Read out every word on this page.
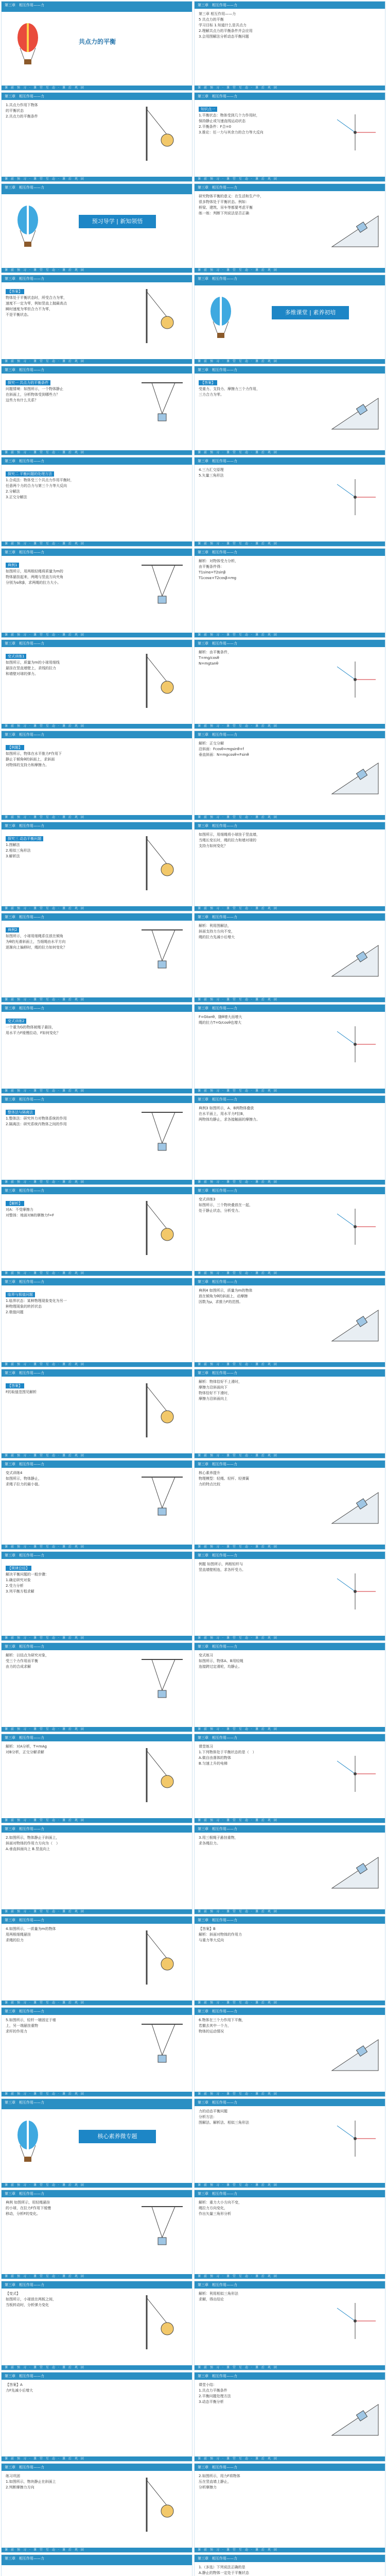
第三章　相互作用——力
共点力的平衡
课　前　预　习　·　课　堂　互　动　·　课　后　巩　固
第三章　相互作用——力

第三章 相互作用——力

5 共点力的平衡

学习目标 1.知道什么是共点力

2.理解共点力的平衡条件并会应用

3.会用图解法分析动态平衡问题

课　前　预　习　·　课　堂　互　动　·　课　后　巩　固
第三章　相互作用——力

1.共点力作用下物体

的平衡状态

2.共点力的平衡条件

课　前　预　习　·　课　堂　互　动　·　课　后　巩　固
第三章　相互作用——力
知识点一

1.平衡状态：物体受到几个力作用时，

保持静止或匀速直线运动状态

2.平衡条件：F合=0

3.推论：任一力与其余力的合力等大反向

课　前　预　习　·　课　堂　互　动　·　课　后　巩　固
第三章　相互作用——力
预习导学 | 新知领悟
课　前　预　习　·　课　堂　互　动　·　课　后　巩　固
第三章　相互作用——力

研究物体平衡的意义：在生活和生产中，

很多物体处于平衡状态。例如：

桥梁、建筑、吊车等都要考虑平衡

练一练：判断下列说法是否正确

课　前　预　习　·　课　堂　互　动　·　课　后　巩　固
第三章　相互作用——力
【答案】

物体处于平衡状态时，所受合力为零，

速度不一定为零，例如竖直上抛最高点

瞬时速度为零但合力不为零，

不是平衡状态。

课　前　预　习　·　课　堂　互　动　·　课　后　巩　固
第三章　相互作用——力
多维课堂 | 素养初培
课　前　预　习　·　课　堂　互　动　·　课　后　巩　固
第三章　相互作用——力
探究一 共点力的平衡条件

问题情境：如图所示，一个物体静止

在斜面上，分析物体受到哪些力？

这些力有什么关系？

课　前　预　习　·　课　堂　互　动　·　课　后　巩　固
第三章　相互作用——力
【答案】

受重力、支持力、摩擦力三个力作用，

三力合力为零。

课　前　预　习　·　课　堂　互　动　·　课　后　巩　固
第三章　相互作用——力
探究二 平衡问题的处理方法

1.合成法：物体受三个共点力作用平衡时，

任意两个力的合力与第三个力等大反向

2.分解法

3.正交分解法

课　前　预　习　·　课　堂　互　动　·　课　后　巩　固
第三章　相互作用——力

4.三力汇交原理

5.矢量三角形法

课　前　预　习　·　课　堂　互　动　·　课　后　巩　固
第三章　相互作用——力
典例1

如图所示，用两根轻绳将质量为m的

物体悬挂起来，两绳与竖直方向夹角

分别为α和β，求两绳的拉力大小。

课　前　预　习　·　课　堂　互　动　·　课　后　巩　固
第三章　相互作用——力

解析：对物体受力分析，

由平衡条件得：

T1sinα=T2sinβ

T1cosα+T2cosβ=mg

课　前　预　习　·　课　堂　互　动　·　课　后　巩　固
第三章　相互作用——力
变式训练1

如图所示，质量为m的小球用细线

悬挂在竖直墙壁上，求线的拉力

和墙壁对球的弹力。

课　前　预　习　·　课　堂　互　动　·　课　后　巩　固
第三章　相互作用——力

解析：由平衡条件，

T=mg/cosθ

N=mgtanθ

课　前　预　习　·　课　堂　互　动　·　课　后　巩　固
第三章　相互作用——力
【例题】

如图所示，物体在水平推力F作用下

静止于倾角θ的斜面上，求斜面

对物体的支持力和摩擦力。

课　前　预　习　·　课　堂　互　动　·　课　后　巩　固
第三章　相互作用——力

解析：正交分解

沿斜面：Fcosθ=mgsinθ+f

垂直斜面：N=mgcosθ+Fsinθ

课　前　预　习　·　课　堂　互　动　·　课　后　巩　固
第三章　相互作用——力
探究三 动态平衡问题

1.图解法

2.相似三角形法

3.解析法

课　前　预　习　·　课　堂　互　动　·　课　后　巩　固
第三章　相互作用——力

如图所示，用细绳将小球挂于竖直墙，

当绳长变长时，绳的拉力和墙对球的

支持力如何变化？

课　前　预　习　·　课　堂　互　动　·　课　后　巩　固
第三章　相互作用——力
典例2

如图所示，小球用细绳系住放在倾角

为θ的光滑斜面上，当细绳由水平方向

逐渐向上偏移时，绳的拉力如何变化？

课　前　预　习　·　课　堂　互　动　·　课　后　巩　固
第三章　相互作用——力

解析：利用图解法，

斜面支持力方向不变，

绳的拉力先减小后增大

课　前　预　习　·　课　堂　互　动　·　课　后　巩　固
第三章　相互作用——力
变式训练2

一个重为G的物体被绳子悬挂，

用水平力F缓慢拉动，F如何变化？

课　前　预　习　·　课　堂　互　动　·　课　后　巩　固
第三章　相互作用——力

F=Gtanθ，随θ增大而增大

绳的拉力T=G/cosθ也增大

课　前　预　习　·　课　堂　互　动　·　课　后　巩　固
第三章　相互作用——力
整体法与隔离法

1.整体法：研究外力对物体系统的作用

2.隔离法：研究系统内物体之间的作用

课　前　预　习　·　课　堂　互　动　·　课　后　巩　固
第三章　相互作用——力

典例3 如图所示，A、B两物体叠放

在水平面上，用水平力F拉B，

两物体均静止，求各接触面的摩擦力。

课　前　预　习　·　课　堂　互　动　·　课　后　巩　固
第三章　相互作用——力
【解析】

对A：不受摩擦力

对整体：地面对B的摩擦力f=F

课　前　预　习　·　课　堂　互　动　·　课　后　巩　固
第三章　相互作用——力

变式训练3

如图所示，三个物块叠放在一起，

处于静止状态，分析受力。

课　前　预　习　·　课　堂　互　动　·　课　后　巩　固
第三章　相互作用——力
临界与极值问题

1.临界状态：某种物理现象变化为另一

种物理现象的转折状态

2.极值问题

课　前　预　习　·　课　堂　互　动　·　课　后　巩　固
第三章　相互作用——力

典例4 如图所示，质量为m的物体

放在倾角为θ的斜面上，动摩擦

因数为μ，求推力F的范围。

课　前　预　习　·　课　堂　互　动　·　课　后　巩　固
第三章　相互作用——力
【答案】

F的取值范围见解析

课　前　预　习　·　课　堂　互　动　·　课　后　巩　固
第三章　相互作用——力

解析：物体恰好不上滑时，

摩擦力沿斜面向下

物体恰好不下滑时，

摩擦力沿斜面向上

课　前　预　习　·　课　堂　互　动　·　课　后　巩　固
第三章　相互作用——力

变式训练4

如图所示，物体静止，

求绳子拉力的最小值。

课　前　预　习　·　课　堂　互　动　·　课　后　巩　固
第三章　相互作用——力

核心素养提升

物理模型：轻绳、轻杆、轻弹簧

力的特点比较

课　前　预　习　·　课　堂　互　动　·　课　后　巩　固
第三章　相互作用——力
【规律总结】

解决平衡问题的一般步骤：

1.确定研究对象

2.受力分析

3.列平衡方程求解

课　前　预　习　·　课　堂　互　动　·　课　后　巩　固
第三章　相互作用——力

例题 如图所示，两根轻杆与

竖直墙壁相连，求各杆受力。

课　前　预　习　·　课　堂　互　动　·　课　后　巩　固
第三章　相互作用——力

解析：以结点为研究对象，

受三个力作用而平衡

由力的合成求解

课　前　预　习　·　课　堂　互　动　·　课　后　巩　固
第三章　相互作用——力

变式练习

如图所示，物体A、B用轻绳

连接跨过定滑轮，均静止。

课　前　预　习　·　课　堂　互　动　·　课　后　巩　固
第三章　相互作用——力

解析：对A分析，T=mAg

对B分析，正交分解求解

课　前　预　习　·　课　堂　互　动　·　课　后　巩　固
第三章　相互作用——力

课堂练习

1.下列物体处于平衡状态的是（　）

A.做自由落体的物体

B.匀速上升的电梯

课　前　预　习　·　课　堂　互　动　·　课　后　巩　固
第三章　相互作用——力

2.如图所示，物体静止于斜面上，

斜面对物体的作用力方向为（　）

A.垂直斜面向上 B.竖直向上

课　前　预　习　·　课　堂　互　动　·　课　后　巩　固
第三章　相互作用——力

3.用三根绳子悬挂重物，

求各绳拉力。

课　前　预　习　·　课　堂　互　动　·　课　后　巩　固
第三章　相互作用——力

4.如图所示，一质量为m的物体

用两根细绳悬挂

求绳的拉力

课　前　预　习　·　课　堂　互　动　·　课　后　巩　固
第三章　相互作用——力

【答案】B

解析：斜面对物体的作用力

与重力等大反向

课　前　预　习　·　课　堂　互　动　·　课　后　巩　固
第三章　相互作用——力

5.如图所示，轻杆一端固定于墙

上，另一端悬挂重物

求杆的作用力

课　前　预　习　·　课　堂　互　动　·　课　后　巩　固
第三章　相互作用——力

6.物体在三个力作用下平衡，

若撤去其中一个力，

物体的运动情况

课　前　预　习　·　课　堂　互　动　·　课　后　巩　固
第三章　相互作用——力
核心素养微专题
课　前　预　习　·　课　堂　互　动　·　课　后　巩　固
第三章　相互作用——力

力的动态平衡问题

分析方法：

图解法、解析法、相似三角形法

课　前　预　习　·　课　堂　互　动　·　课　后　巩　固
第三章　相互作用——力

典例 如图所示，用轻绳悬挂

的小球，在拉力F作用下缓慢

移动，分析F的变化。

课　前　预　习　·　课　堂　互　动　·　课　后　巩　固
第三章　相互作用——力

解析：重力大小方向不变，

绳拉力方向变化，

作出矢量三角形分析

课　前　预　习　·　课　堂　互　动　·　课　后　巩　固
第三章　相互作用——力

【变式】

如图所示，小球放在两板之间，

当板转动时，分析弹力变化

课　前　预　习　·　课　堂　互　动　·　课　后　巩　固
第三章　相互作用——力

解析：利用相似三角形法

求解，得出结论

课　前　预　习　·　课　堂　互　动　·　课　后　巩　固
第三章　相互作用——力

【答案】A

力F先减小后增大

课　前　预　习　·　课　堂　互　动　·　课　后　巩　固
第三章　相互作用——力

课堂小结：

1.共点力平衡条件

2.平衡问题处理方法

3.动态平衡分析

课　前　预　习　·　课　堂　互　动　·　课　后　巩　固
第三章　相互作用——力

练习巩固

1.如图所示，物块静止在斜面上

2.判断摩擦力方向

课　前　预　习　·　课　堂　互　动　·　课　后　巩　固
第三章　相互作用——力

2.如图所示，用力F将物体

压在竖直墙上静止，

分析摩擦力

课　前　预　习　·　课　堂　互　动　·　课　后　巩　固
第三章　相互作用——力	第三章　相互作用——力

1.（多选）下列说法正确的是

A.静止的物体一定处于平衡状态
